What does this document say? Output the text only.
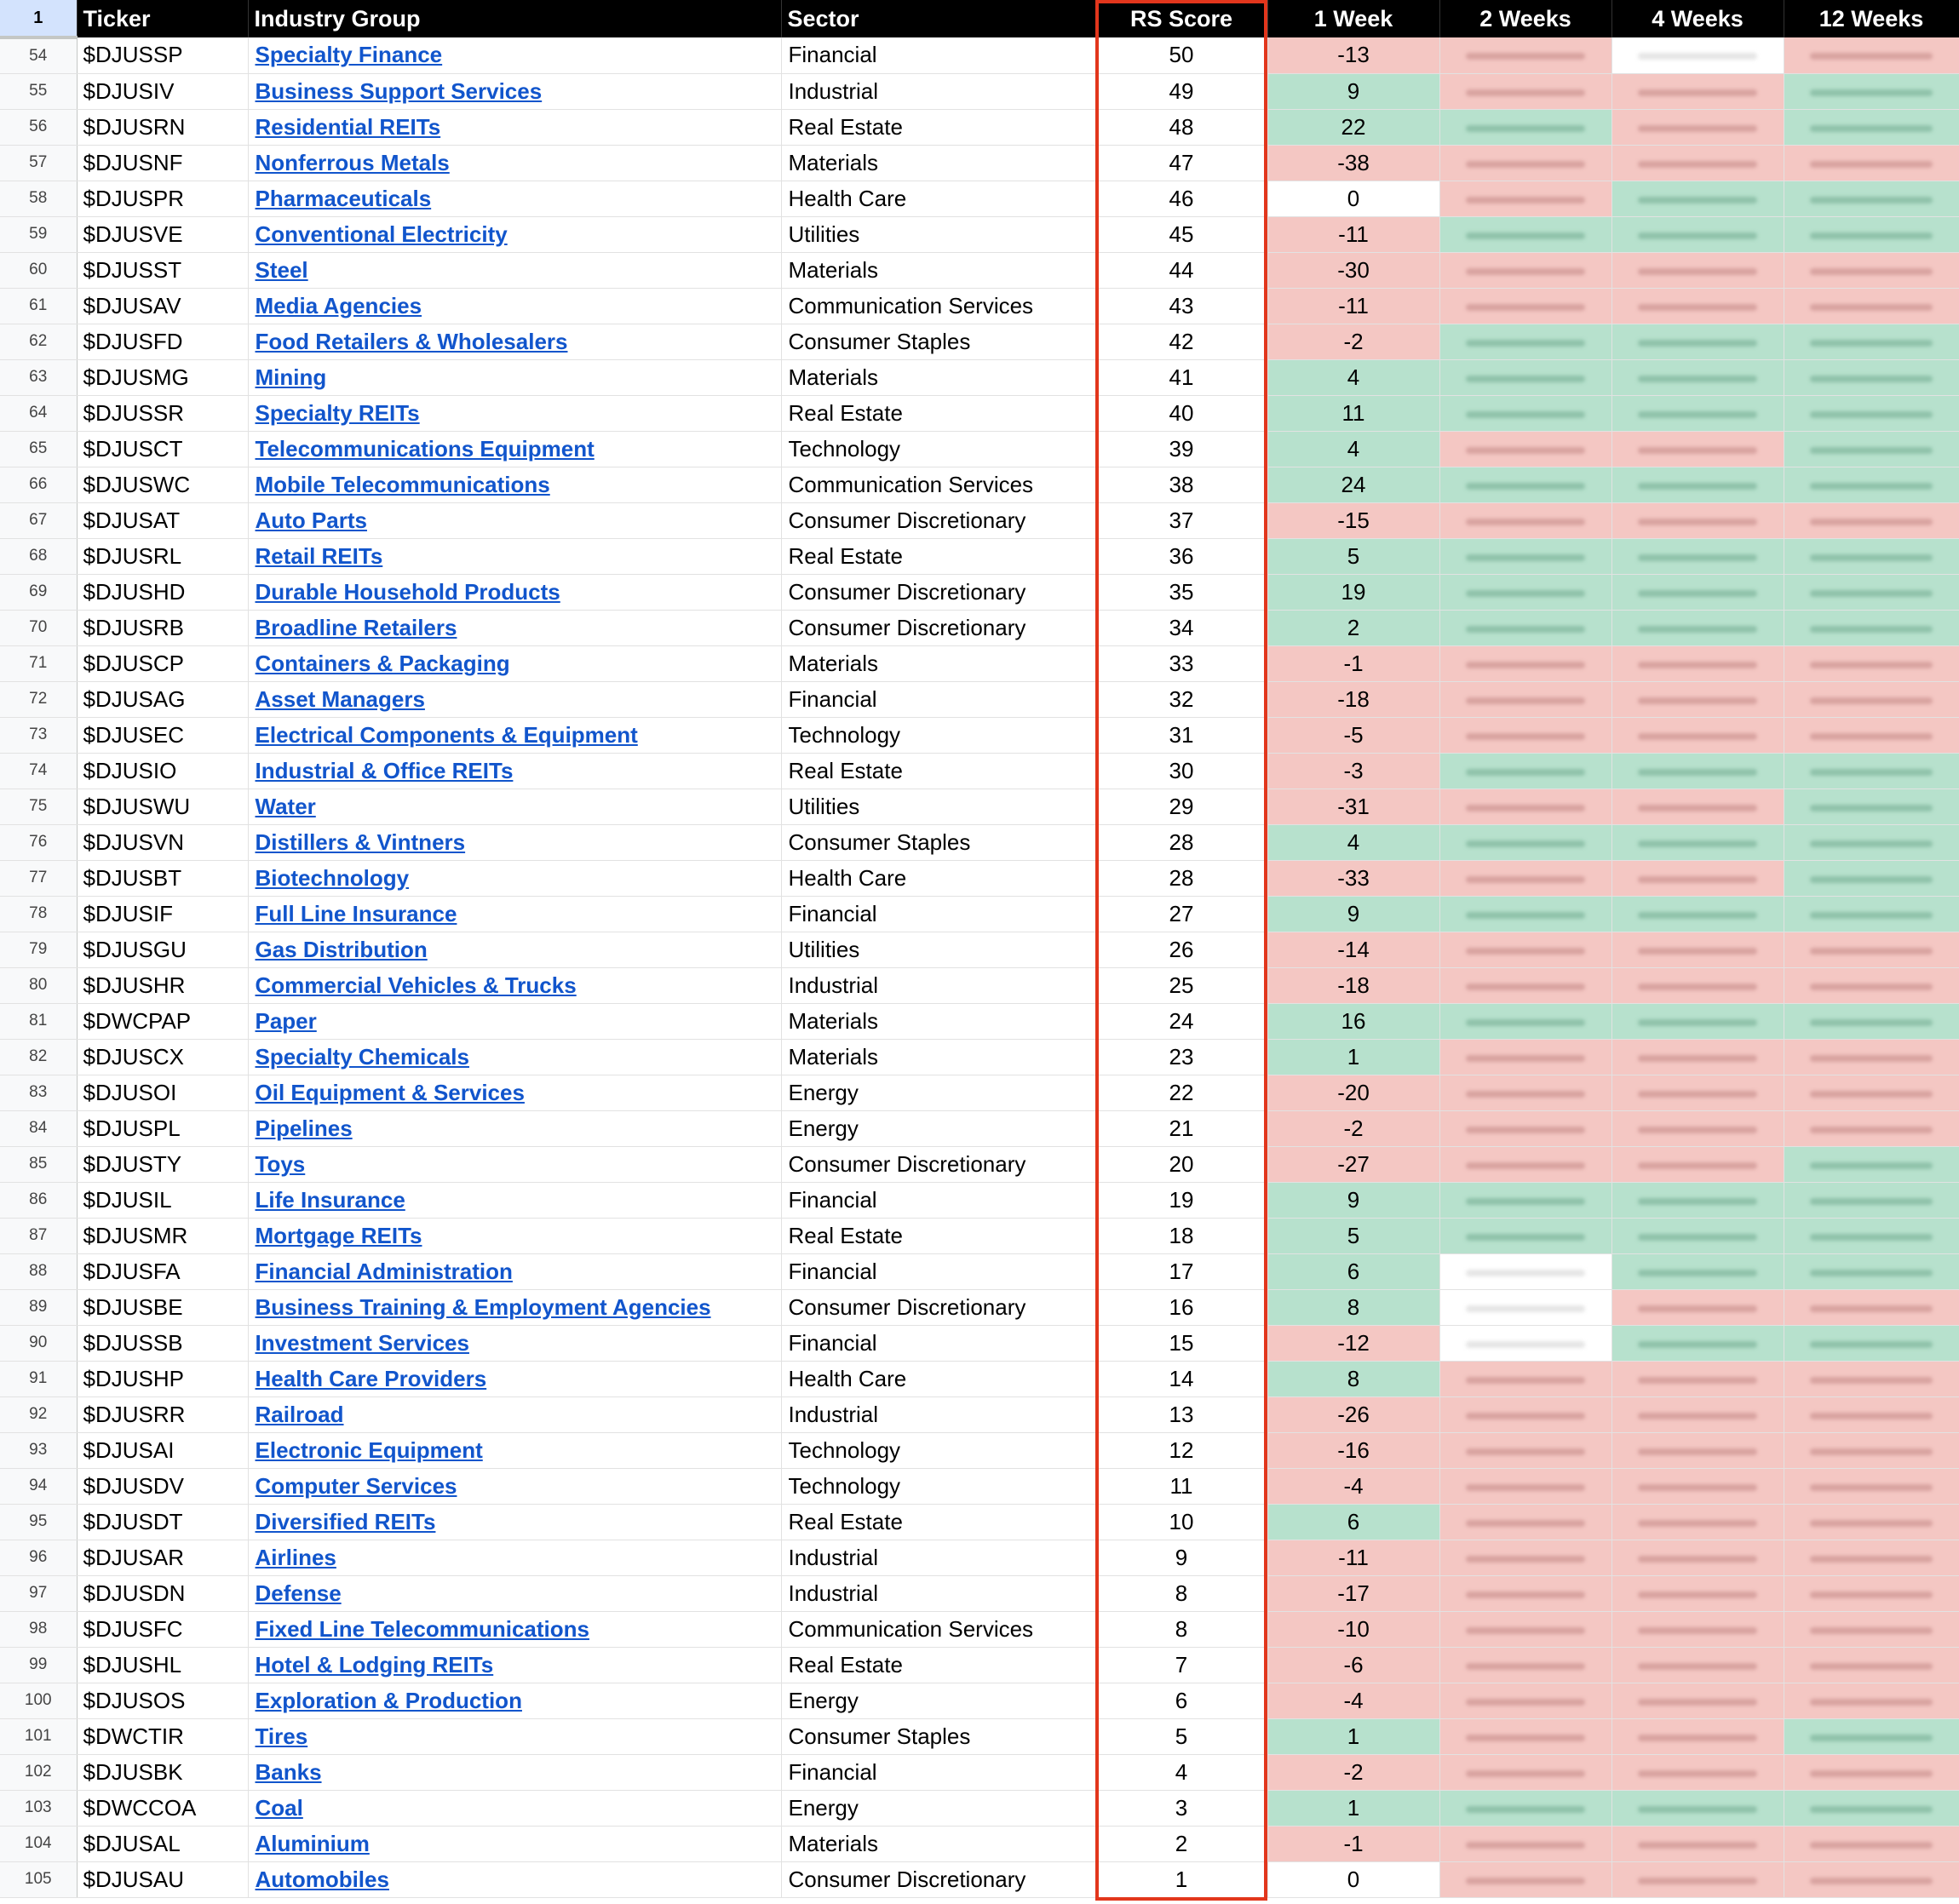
1	Ticker	Industry Group	Sector	RS Score	1 Week	2 Weeks	4 Weeks	12 Weeks
54	$DJUSSP	Specialty Finance	Financial	50	-13			
55	$DJUSIV	Business Support Services	Industrial	49	9			
56	$DJUSRN	Residential REITs	Real Estate	48	22			
57	$DJUSNF	Nonferrous Metals	Materials	47	-38			
58	$DJUSPR	Pharmaceuticals	Health Care	46	0			
59	$DJUSVE	Conventional Electricity	Utilities	45	-11			
60	$DJUSST	Steel	Materials	44	-30			
61	$DJUSAV	Media Agencies	Communication Services	43	-11			
62	$DJUSFD	Food Retailers & Wholesalers	Consumer Staples	42	-2			
63	$DJUSMG	Mining	Materials	41	4			
64	$DJUSSR	Specialty REITs	Real Estate	40	11			
65	$DJUSCT	Telecommunications Equipment	Technology	39	4			
66	$DJUSWC	Mobile Telecommunications	Communication Services	38	24			
67	$DJUSAT	Auto Parts	Consumer Discretionary	37	-15			
68	$DJUSRL	Retail REITs	Real Estate	36	5			
69	$DJUSHD	Durable Household Products	Consumer Discretionary	35	19			
70	$DJUSRB	Broadline Retailers	Consumer Discretionary	34	2			
71	$DJUSCP	Containers & Packaging	Materials	33	-1			
72	$DJUSAG	Asset Managers	Financial	32	-18			
73	$DJUSEC	Electrical Components & Equipment	Technology	31	-5			
74	$DJUSIO	Industrial & Office REITs	Real Estate	30	-3			
75	$DJUSWU	Water	Utilities	29	-31			
76	$DJUSVN	Distillers & Vintners	Consumer Staples	28	4			
77	$DJUSBT	Biotechnology	Health Care	28	-33			
78	$DJUSIF	Full Line Insurance	Financial	27	9			
79	$DJUSGU	Gas Distribution	Utilities	26	-14			
80	$DJUSHR	Commercial Vehicles & Trucks	Industrial	25	-18			
81	$DWCPAP	Paper	Materials	24	16			
82	$DJUSCX	Specialty Chemicals	Materials	23	1			
83	$DJUSOI	Oil Equipment & Services	Energy	22	-20			
84	$DJUSPL	Pipelines	Energy	21	-2			
85	$DJUSTY	Toys	Consumer Discretionary	20	-27			
86	$DJUSIL	Life Insurance	Financial	19	9			
87	$DJUSMR	Mortgage REITs	Real Estate	18	5			
88	$DJUSFA	Financial Administration	Financial	17	6			
89	$DJUSBE	Business Training & Employment Agencies	Consumer Discretionary	16	8			
90	$DJUSSB	Investment Services	Financial	15	-12			
91	$DJUSHP	Health Care Providers	Health Care	14	8			
92	$DJUSRR	Railroad	Industrial	13	-26			
93	$DJUSAI	Electronic Equipment	Technology	12	-16			
94	$DJUSDV	Computer Services	Technology	11	-4			
95	$DJUSDT	Diversified REITs	Real Estate	10	6			
96	$DJUSAR	Airlines	Industrial	9	-11			
97	$DJUSDN	Defense	Industrial	8	-17			
98	$DJUSFC	Fixed Line Telecommunications	Communication Services	8	-10			
99	$DJUSHL	Hotel & Lodging REITs	Real Estate	7	-6			
100	$DJUSOS	Exploration & Production	Energy	6	-4			
101	$DWCTIR	Tires	Consumer Staples	5	1			
102	$DJUSBK	Banks	Financial	4	-2			
103	$DWCCOA	Coal	Energy	3	1			
104	$DJUSAL	Aluminium	Materials	2	-1			
105	$DJUSAU	Automobiles	Consumer Discretionary	1	0			
